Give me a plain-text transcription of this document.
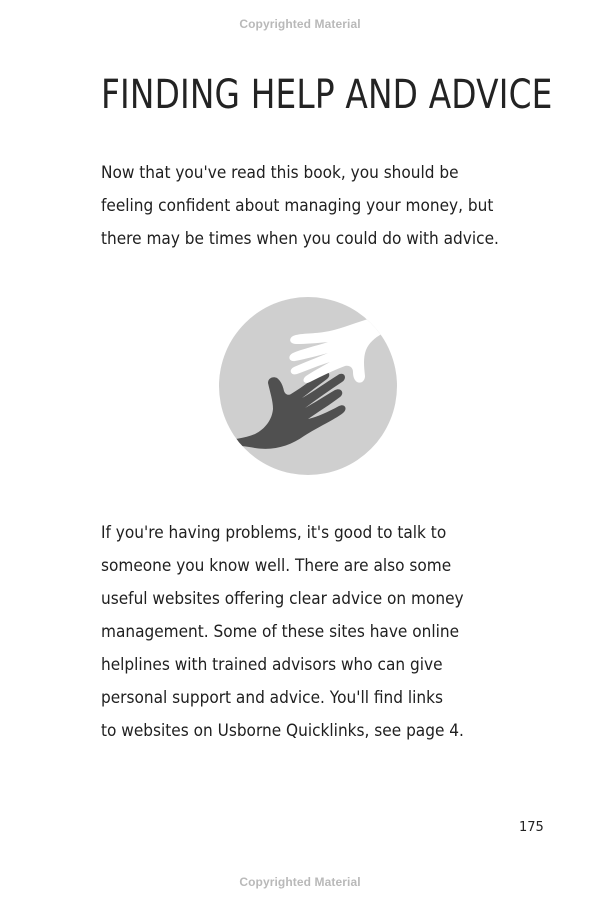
Copyrighted Material
FINDING HELP AND ADVICE

Now that you've read this book, you should be
feeling confident about managing your money, but
there may be times when you could do with advice.

If you're having problems, it's good to talk to
someone you know well. There are also some
useful websites offering clear advice on money
management. Some of these sites have online
helplines with trained advisors who can give
personal support and advice. You'll find links
to websites on Usborne Quicklinks, see page 4.

175
Copyrighted Material
